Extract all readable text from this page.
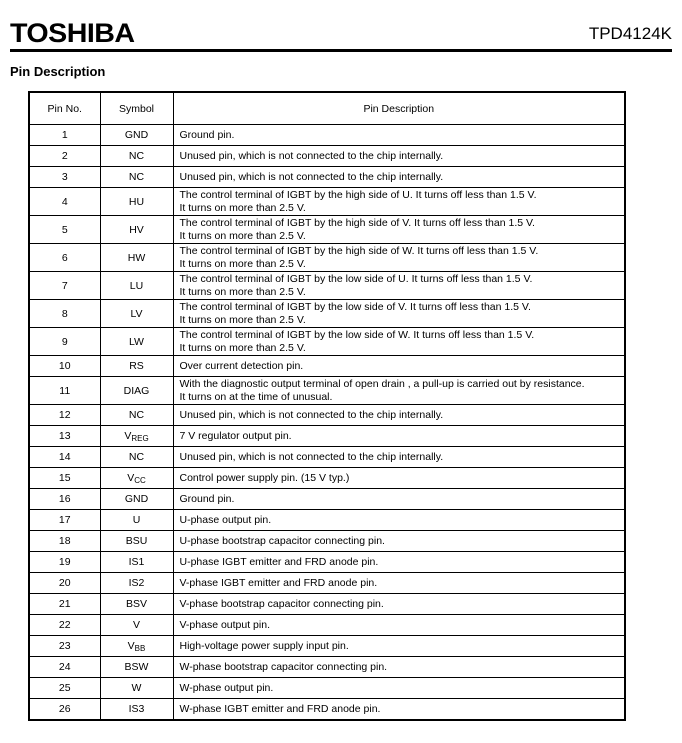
TOSHIBA	TPD4124K
Pin Description
Pin No.	Symbol	Pin Description
1	GND	Ground pin.

2	NC	Unused pin, which is not connected to the chip internally.

3	NC	Unused pin, which is not connected to the chip internally.

4	HU	The control terminal of IGBT by the high side of U. It turns off less than 1.5 V.
It turns on more than 2.5 V.

5	HV	The control terminal of IGBT by the high side of V. It turns off less than 1.5 V.
It turns on more than 2.5 V.

6	HW	The control terminal of IGBT by the high side of W. It turns off less than 1.5 V.
It turns on more than 2.5 V.

7	LU	The control terminal of IGBT by the low side of U. It turns off less than 1.5 V.
It turns on more than 2.5 V.

8	LV	The control terminal of IGBT by the low side of V. It turns off less than 1.5 V.
It turns on more than 2.5 V.

9	LW	The control terminal of IGBT by the low side of W. It turns off less than 1.5 V.
It turns on more than 2.5 V.

10	RS	Over current detection pin.

11	DIAG	With the diagnostic output terminal of open drain , a pull-up is carried out by resistance.
It turns on at the time of unusual.

12	NC	Unused pin, which is not connected to the chip internally.

13	$V_{REG}$	7 V regulator output pin.

14	NC	Unused pin, which is not connected to the chip internally.

15	$V_{CC}$	Control power supply pin. (15 V typ.)

16	GND	Ground pin.

17	U	U-phase output pin.

18	BSU	U-phase bootstrap capacitor connecting pin.

19	IS1	U-phase IGBT emitter and FRD anode pin.

20	IS2	V-phase IGBT emitter and FRD anode pin.

21	BSV	V-phase bootstrap capacitor connecting pin.

22	V	V-phase output pin.

23	$V_{BB}$	High-voltage power supply input pin.

24	BSW	W-phase bootstrap capacitor connecting pin.

25	W	W-phase output pin.

26	IS3	W-phase IGBT emitter and FRD anode pin.
